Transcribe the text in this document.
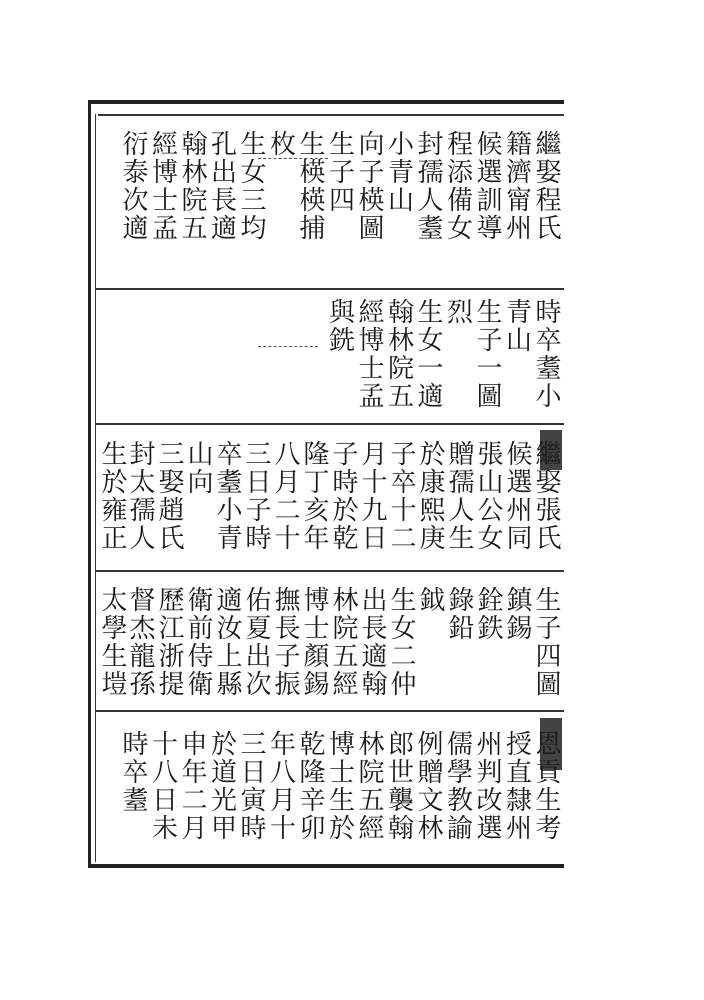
繼娶程氏
籍濟甯州
候選訓導
程添備女
封孺人耋
小青山
向子楧圖
生子四
生楧楧捕
枚
生女三均
孔出長適
翰林院五
經博士孟
衍泰次適
時卒耋小
青山
生子一圖
烈
生女一適
翰林院五
經博士孟
與銑
繼娶張氏
候選州同
張山公女
贈孺人生
於康熙庚
子卒十二
月十九日
子時於乾
隆丁亥年
八月二十
三日子時
卒耋小青
山向
三娶趙氏
封太孺人
生於雍正
生子四圖
鎮錫
銓鉄
錄鉛
鉞
生女二仲
出長適翰
林院五經
博士顏錫
撫長子振
佑夏出次
適汝上縣
衛前侍衛
歷江浙提
督杰龍孫
太學生塏
恩貢生考
授直隸州
州判改選
儒學教諭
例贈文林
郎世襲翰
林院五經
博士生於
乾隆辛卯
年八月十
三日寅時
於道光甲
申年二月
十八日未
時卒耋
